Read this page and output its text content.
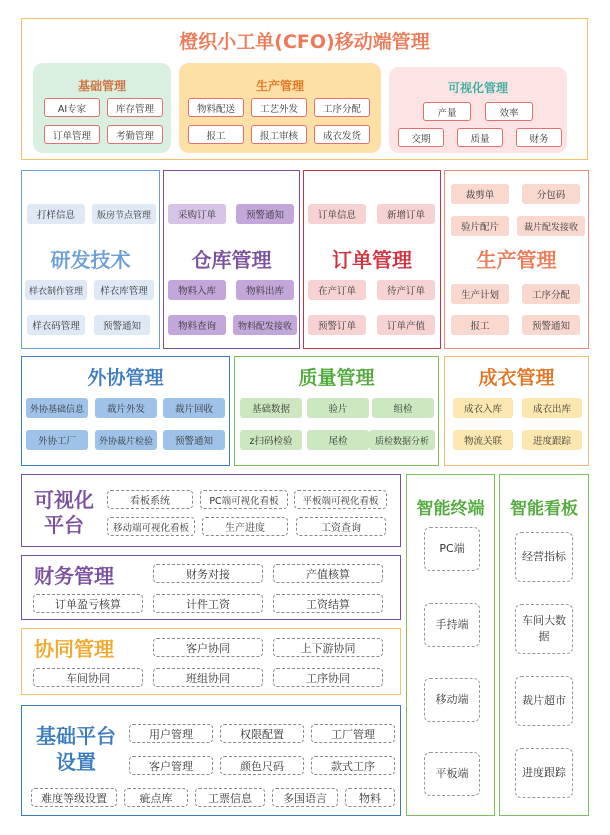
橙织小工单(CFO)移动端管理
基础管理
AI专家	库存管理
订单管理	考勤管理
生产管理
物料配送	工艺外发	工序分配
报工	报工审核	成衣发货
可视化管理
产量	效率
交期	质量	财务
打样信息	版房节点管理
研发技术
样衣制作管理	样衣库管理
样衣码管理	预警通知
采购订单	预警通知
仓库管理
物料入库	物料出库
物料查询	物料配发接收
订单信息	新增订单
订单管理
在产订单	待产订单
预警订单	订单产值
裁剪单	分包码
验片配片	裁片配发接收
生产管理
生产计划	工序分配
报工	预警通知
外协管理
外协基础信息	裁片外发	裁片回收
外协工厂	外协裁片检验	预警通知
质量管理
基础数据	验片	组检
z扫码检验	尾检	质检数据分析
成衣管理
成衣入库	成衣出库
物流关联	进度跟踪
可视化
平台
看板系统	PC端可视化看板	平板端可视化看板
移动端可视化看板	生产进度	工资查询
财务管理	财务对接	产值核算
订单盈亏核算	计件工资	工资结算
协同管理	客户协同	上下游协同
车间协同	班组协同	工序协同
基础平台
设置
用户管理	权限配置	工厂管理
客户管理	颜色尺码	款式工序
难度等级设置	疵点库	工票信息	多国语言	物料
智能终端
PC端
手持端
移动端
平板端
智能看板
经营指标
车间大数据
裁片超市
进度跟踪
